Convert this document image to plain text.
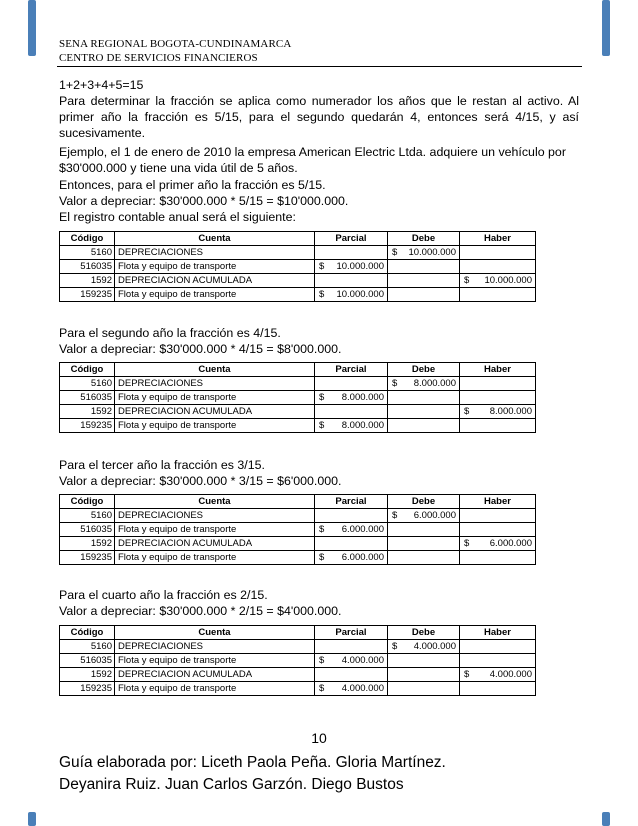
SENA REGIONAL BOGOTA-CUNDINAMARCA
CENTRO DE SERVICIOS FINANCIEROS

1+2+3+4+5=15

Para determinar la fracción se aplica como numerador los años que le restan al activo. Al primer año la fracción es 5/15, para el segundo quedarán 4, entonces será 4/15, y así sucesivamente.

Ejemplo, el 1 de enero de 2010 la empresa American Electric Ltda. adquiere un vehículo por $30'000.000 y tiene una vida útil de 5 años.

Entonces, para el primer año la fracción es 5/15.

Valor a depreciar: $30'000.000 * 5/15 = $10'000.000.

El registro contable anual será el siguiente:

Código	Cuenta	Parcial	Debe	Haber
5160	DEPRECIACIONES		$ 10.000.000	
516035	Flota y equipo de transporte	$ 10.000.000		
1592	DEPRECIACION ACUMULADA			$ 10.000.000
159235	Flota y equipo de transporte	$ 10.000.000		

Para el segundo año la fracción es 4/15.

Valor a depreciar: $30'000.000 * 4/15 = $8'000.000.

Código	Cuenta	Parcial	Debe	Haber
5160	DEPRECIACIONES		$ 8.000.000	
516035	Flota y equipo de transporte	$ 8.000.000		
1592	DEPRECIACION ACUMULADA			$ 8.000.000
159235	Flota y equipo de transporte	$ 8.000.000		

Para el tercer año la fracción es 3/15.

Valor a depreciar: $30'000.000 * 3/15 = $6'000.000.

Código	Cuenta	Parcial	Debe	Haber
5160	DEPRECIACIONES		$ 6.000.000	
516035	Flota y equipo de transporte	$ 6.000.000		
1592	DEPRECIACION ACUMULADA			$ 6.000.000
159235	Flota y equipo de transporte	$ 6.000.000		

Para el cuarto año la fracción es 2/15.

Valor a depreciar: $30'000.000 * 2/15 = $4'000.000.

Código	Cuenta	Parcial	Debe	Haber
5160	DEPRECIACIONES		$ 4.000.000	
516035	Flota y equipo de transporte	$ 4.000.000		
1592	DEPRECIACION ACUMULADA			$ 4.000.000
159235	Flota y equipo de transporte	$ 4.000.000		
10
Guía elaborada por: Liceth Paola Peña. Gloria Martínez.
Deyanira Ruiz. Juan Carlos Garzón. Diego Bustos
